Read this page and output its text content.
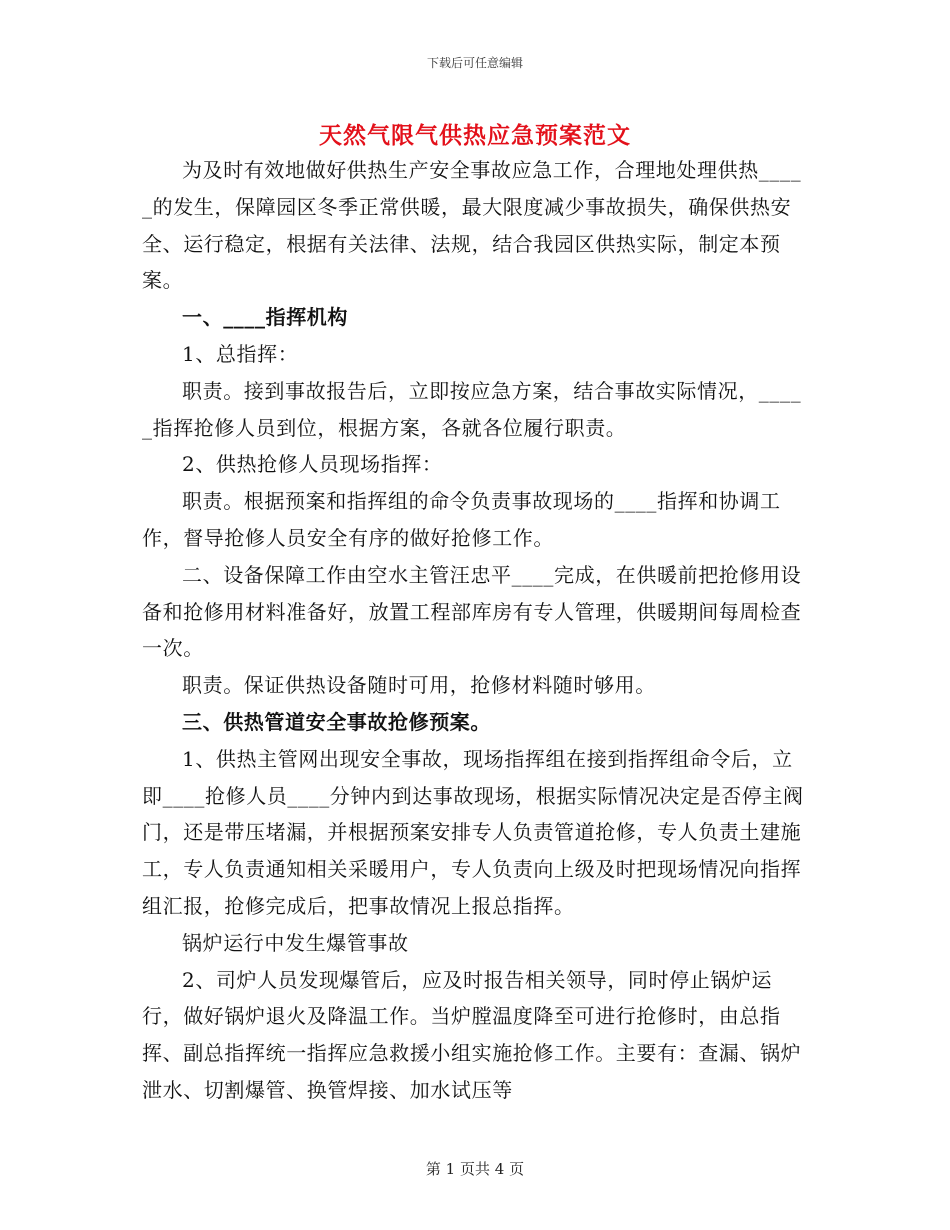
下载后可任意编辑
天然气限气供热应急预案范文

为及时有效地做好供热生产安全事故应急工作，合理地处理供热_____的发生，保障园区冬季正常供暖，最大限度减少事故损失，确保供热安全、运行稳定，根据有关法律、法规，结合我园区供热实际，制定本预案。

一、____指挥机构

1、总指挥：

职责。接到事故报告后，立即按应急方案，结合事故实际情况，_____指挥抢修人员到位，根据方案，各就各位履行职责。

2、供热抢修人员现场指挥：

职责。根据预案和指挥组的命令负责事故现场的____指挥和协调工作，督导抢修人员安全有序的做好抢修工作。

二、设备保障工作由空水主管汪忠平____完成，在供暖前把抢修用设备和抢修用材料准备好，放置工程部库房有专人管理，供暖期间每周检查一次。

职责。保证供热设备随时可用，抢修材料随时够用。

三、供热管道安全事故抢修预案。

1、供热主管网出现安全事故，现场指挥组在接到指挥组命令后，立即____抢修人员____分钟内到达事故现场，根据实际情况决定是否停主阀门，还是带压堵漏，并根据预案安排专人负责管道抢修，专人负责土建施工，专人负责通知相关采暖用户，专人负责向上级及时把现场情况向指挥组汇报，抢修完成后，把事故情况上报总指挥。

锅炉运行中发生爆管事故

2、司炉人员发现爆管后，应及时报告相关领导，同时停止锅炉运行，做好锅炉退火及降温工作。当炉膛温度降至可进行抢修时，由总指挥、副总指挥统一指挥应急救援小组实施抢修工作。主要有：查漏、锅炉泄水、切割爆管、换管焊接、加水试压等

第 1 页共 4 页
